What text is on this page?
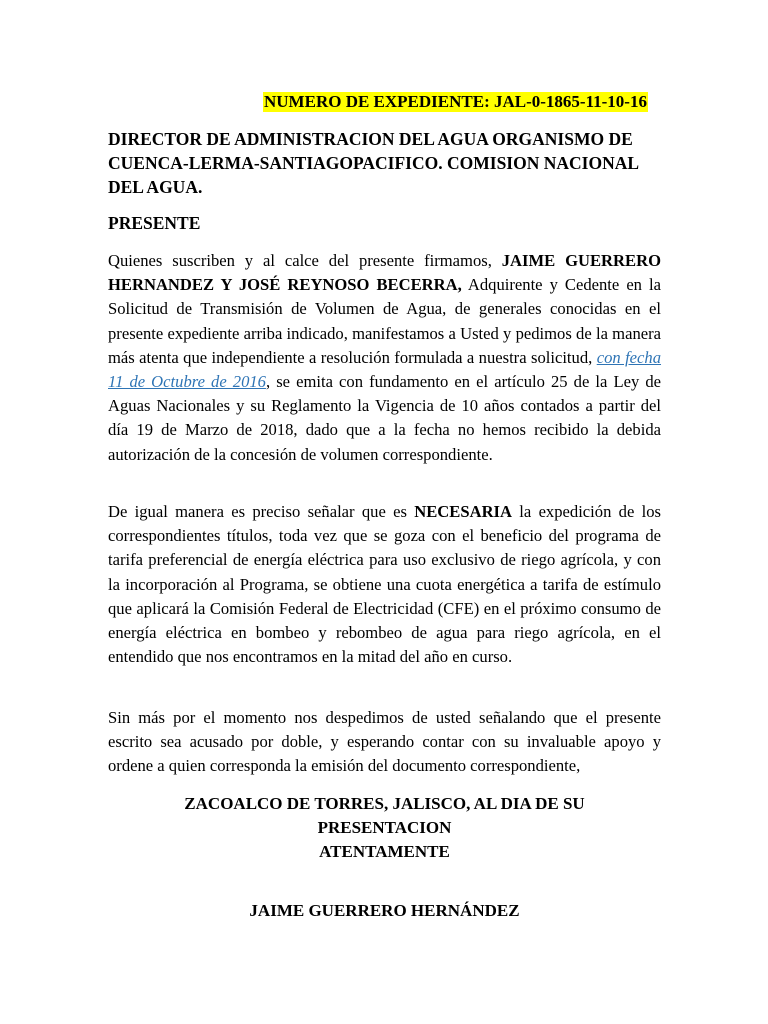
NUMERO DE EXPEDIENTE: JAL-0-1865-11-10-16
DIRECTOR DE ADMINISTRACION DEL AGUA ORGANISMO DE CUENCA-LERMA-SANTIAGOPACIFICO. COMISION NACIONAL DEL AGUA.
PRESENTE

Quienes suscriben y al calce del presente firmamos, JAIME GUERRERO HERNANDEZ Y JOSÉ REYNOSO BECERRA, Adquirente y Cedente en la Solicitud de Transmisión de Volumen de Agua, de generales conocidas en el presente expediente arriba indicado, manifestamos a Usted y pedimos de la manera más atenta que independiente a resolución formulada a nuestra solicitud, con fecha 11 de Octubre de 2016, se emita con fundamento en el artículo 25 de la Ley de Aguas Nacionales y su Reglamento la Vigencia de 10 años contados a partir del día 19 de Marzo de 2018, dado que a la fecha no hemos recibido la debida autorización de la concesión de volumen correspondiente.

De igual manera es preciso señalar que es NECESARIA la expedición de los correspondientes títulos, toda vez que se goza con el beneficio del programa de tarifa preferencial de energía eléctrica para uso exclusivo de riego agrícola, y con la incorporación al Programa, se obtiene una cuota energética a tarifa de estímulo que aplicará la Comisión Federal de Electricidad (CFE) en el próximo consumo de energía eléctrica en bombeo y rebombeo de agua para riego agrícola, en el entendido que nos encontramos en la mitad del año en curso.

Sin más por el momento nos despedimos de usted señalando que el presente escrito sea acusado por doble, y esperando contar con su invaluable apoyo y ordene a quien corresponda la emisión del documento correspondiente,

ZACOALCO DE TORRES, JALISCO, AL DIA DE SU
PRESENTACION
ATENTAMENTE
JAIME GUERRERO HERNÁNDEZ
